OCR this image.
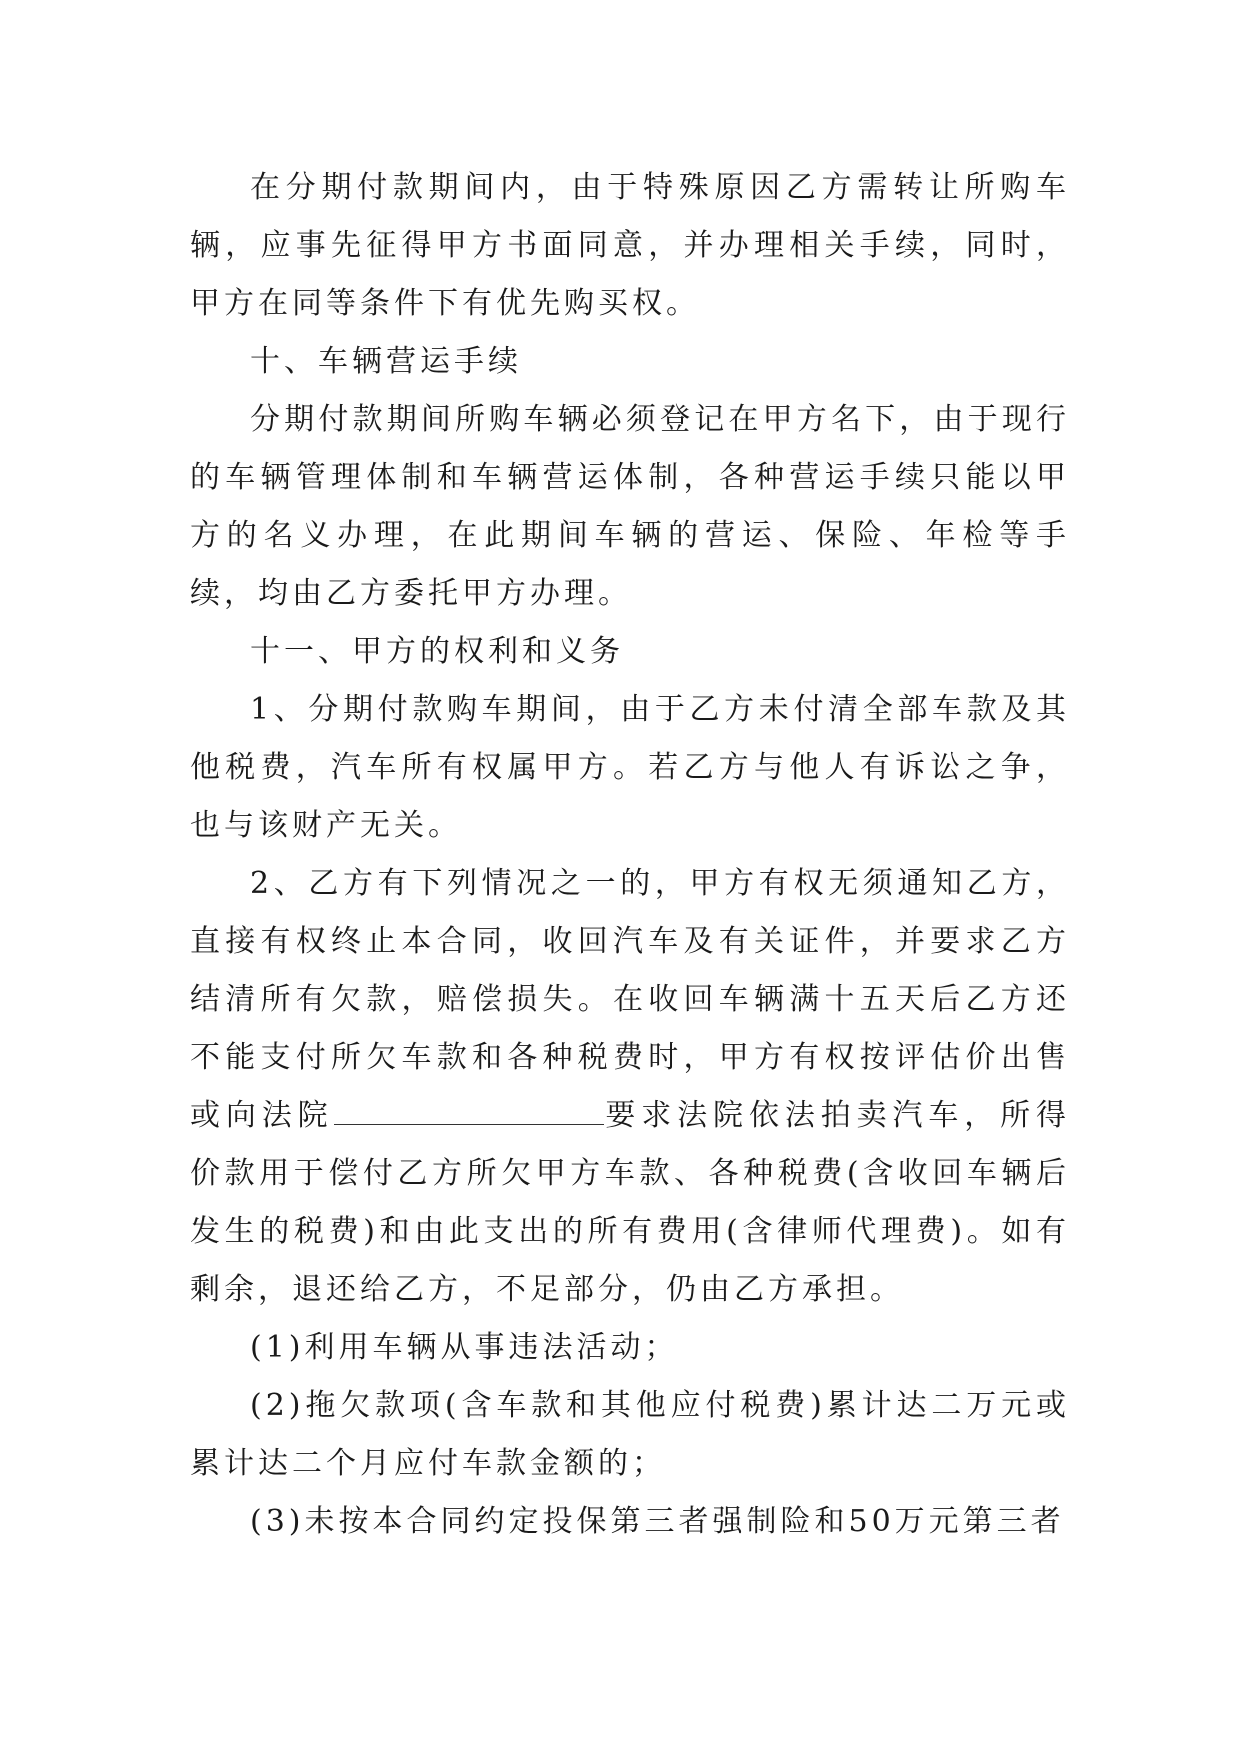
在分期付款期间内，由于特殊原因乙方需转让所购车辆，应事先征得甲方书面同意，并办理相关手续，同时，甲方在同等条件下有优先购买权。

十、车辆营运手续

分期付款期间所购车辆必须登记在甲方名下，由于现行的车辆管理体制和车辆营运体制，各种营运手续只能以甲方的名义办理，在此期间车辆的营运、保险、年检等手续，均由乙方委托甲方办理。

十一、甲方的权利和义务

1、分期付款购车期间，由于乙方未付清全部车款及其他税费，汽车所有权属甲方。若乙方与他人有诉讼之争，也与该财产无关。

2、乙方有下列情况之一的，甲方有权无须通知乙方，直接有权终止本合同，收回汽车及有关证件，并要求乙方结清所有欠款，赔偿损失。在收回车辆满十五天后乙方还不能支付所欠车款和各种税费时，甲方有权按评估价出售或向法院	要求法院依法拍卖汽车，所得价款用于偿付乙方所欠甲方车款、各种税费(含收回车辆后发生的税费)和由此支出的所有费用(含律师代理费)。如有剩余，退还给乙方，不足部分，仍由乙方承担。

(1)利用车辆从事违法活动；

(2)拖欠款项(含车款和其他应付税费)累计达二万元或累计达二个月应付车款金额的；

(3)未按本合同约定投保第三者强制险和50万元第三者
